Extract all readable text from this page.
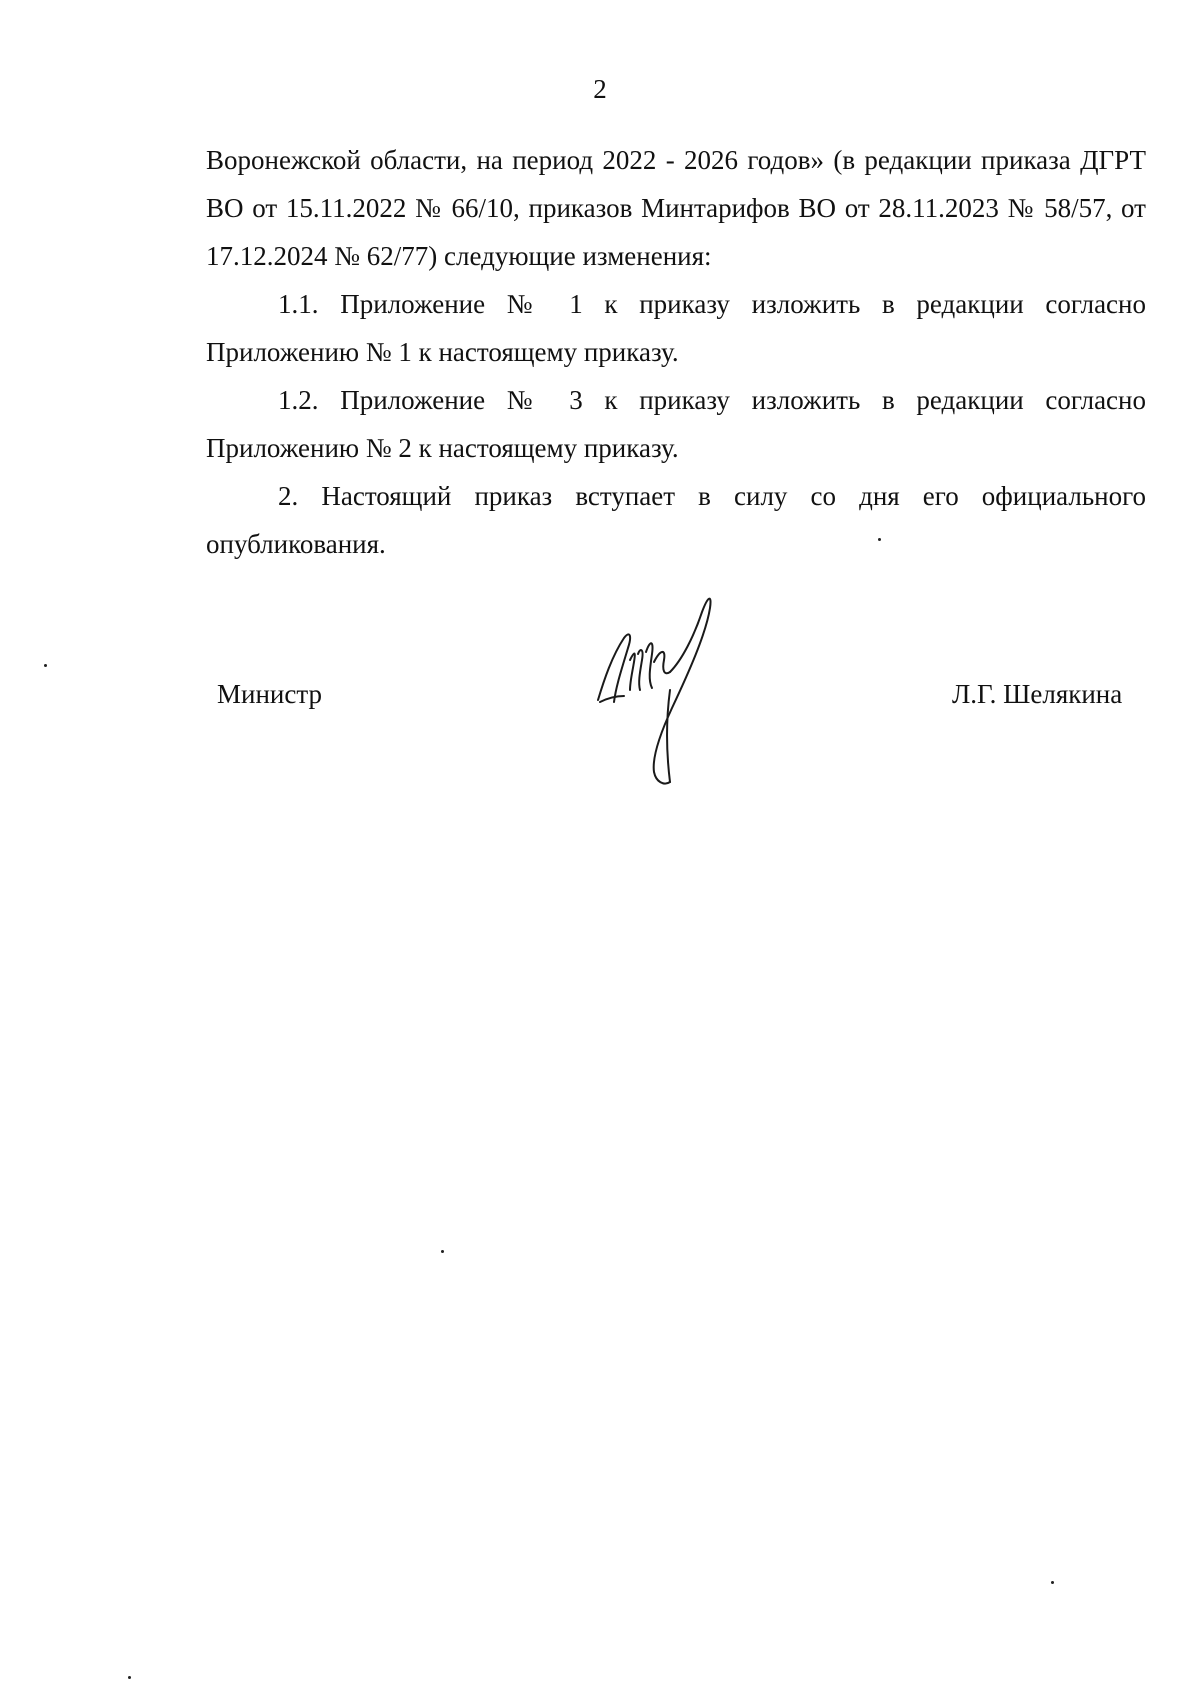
2

Воронежской области, на период 2022 - 2026 годов» (в редакции приказа ДГРТ ВО от 15.11.2022 № 66/10, приказов Минтарифов ВО от 28.11.2023 № 58/57, от 17.12.2024 № 62/77) следующие изменения:

1.1. Приложение № 1 к приказу изложить в редакции согласно Приложению № 1 к настоящему приказу.

1.2. Приложение № 3 к приказу изложить в редакции согласно Приложению № 2 к настоящему приказу.

2. Настоящий приказ вступает в силу со дня его официального опубликования.

Министр	Л.Г. Шелякина
